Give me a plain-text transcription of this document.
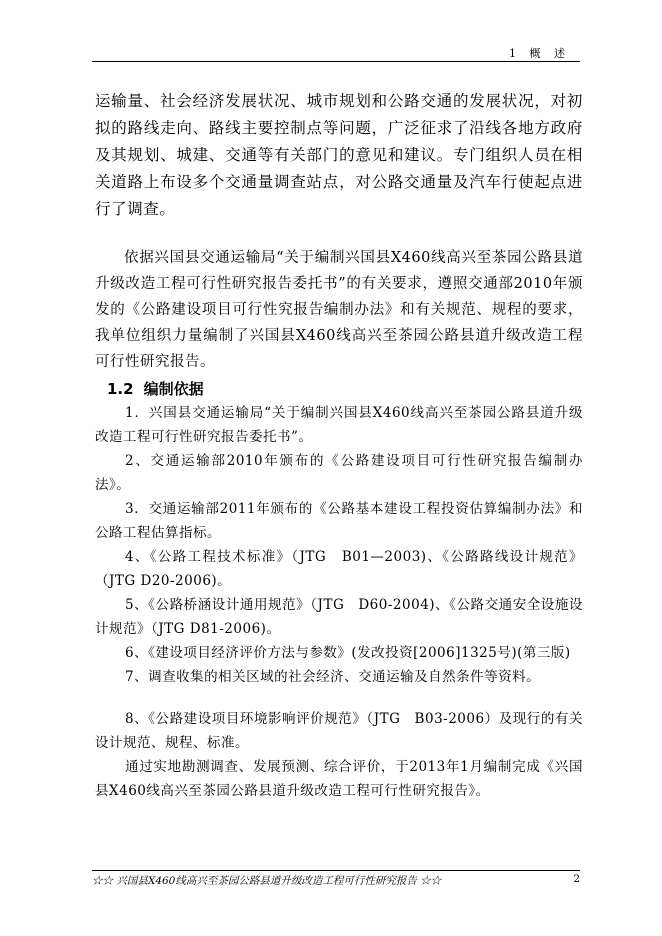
1 概 述

运输量、社会经济发展状况、城市规划和公路交通的发展状况，对初拟的路线走向、路线主要控制点等问题，广泛征求了沿线各地方政府及其规划、城建、交通等有关部门的意见和建议。专门组织人员在相关道路上布设多个交通量调查站点，对公路交通量及汽车行使起点进行了调查。

依据兴国县交通运输局“关于编制兴国县X460线高兴至茶园公路县道升级改造工程可行性研究报告委托书”的有关要求，遵照交通部2010年颁发的《公路建设项目可行性究报告编制办法》和有关规范、规程的要求，我单位组织力量编制了兴国县X460线高兴至茶园公路县道升级改造工程可行性研究报告。

1.2 编制依据

1．兴国县交通运输局“关于编制兴国县X460线高兴至茶园公路县道升级改造工程可行性研究报告委托书”。

2、交通运输部2010年颁布的《公路建设项目可行性研究报告编制办法》。

3．交通运输部2011年颁布的《公路基本建设工程投资估算编制办法》和公路工程估算指标。

4、《公路工程技术标准》（JTG　B01—2003)、《公路路线设计规范》（JTG D20-2006)。

5、《公路桥涵设计通用规范》（JTG　D60-2004)、《公路交通安全设施设计规范》（JTG D81-2006)。

6、《建设项目经济评价方法与参数》(发改投资[2006]1325号)(第三版)

7、调查收集的相关区域的社会经济、交通运输及自然条件等资料。

8、《公路建设项目环境影响评价规范》（JTG　B03-2006）及现行的有关设计规范、规程、标准。

通过实地勘测调查、发展预测、综合评价，于2013年1月编制完成《兴国县X460线高兴至茶园公路县道升级改造工程可行性研究报告》。

☆☆ 兴国县X460线高兴至茶园公路县道升级改造工程可行性研究报告 ☆☆	2
